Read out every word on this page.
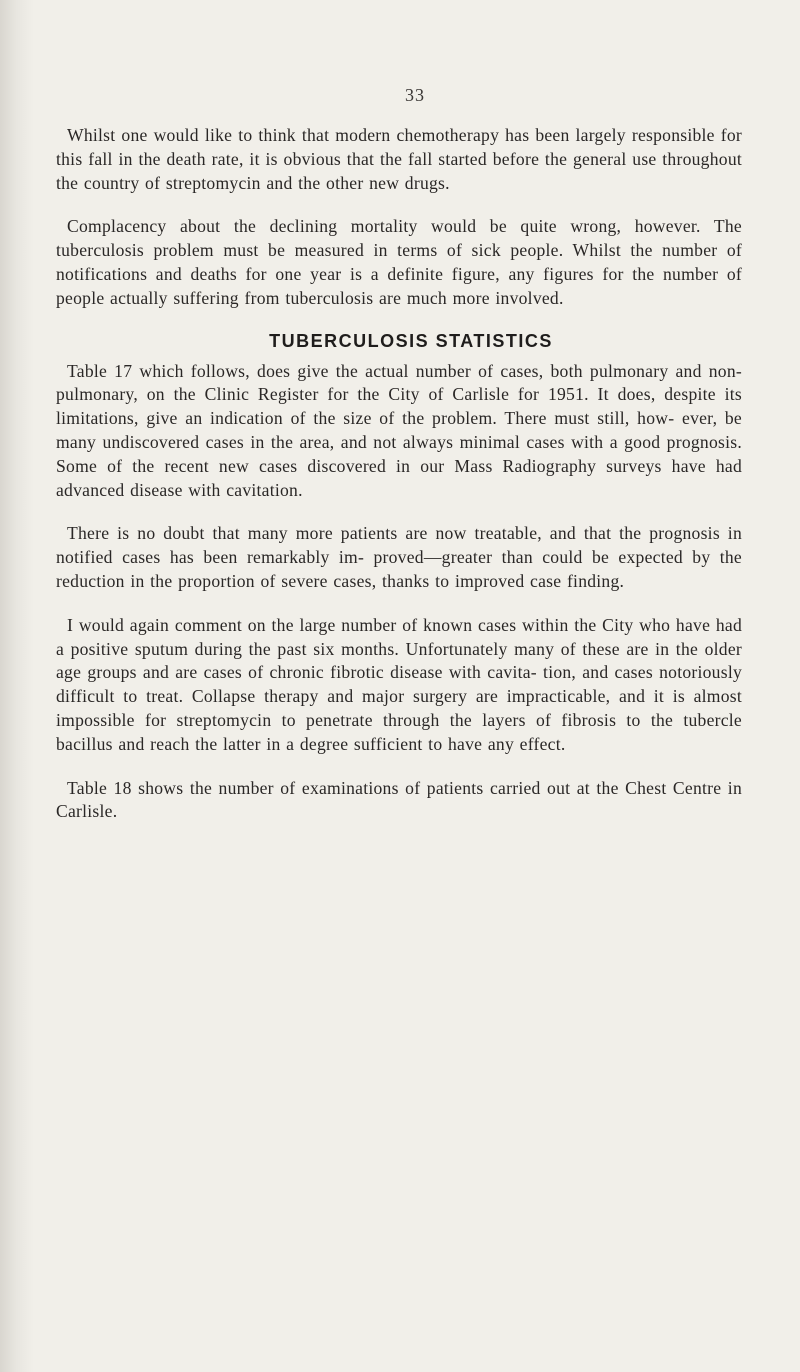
33

Whilst one would like to think that modern chemotherapy has been largely responsible for this fall in the death rate, it is obvious that the fall started before the general use throughout the country of streptomycin and the other new drugs.

Complacency about the declining mortality would be quite wrong, however. The tuberculosis problem must be measured in terms of sick people. Whilst the number of notifications and deaths for one year is a definite figure, any figures for the number of people actually suffering from tuberculosis are much more involved.

TUBERCULOSIS STATISTICS

Table 17 which follows, does give the actual number of cases, both pulmonary and non-pulmonary, on the Clinic Register for the City of Carlisle for 1951. It does, despite its limitations, give an indication of the size of the problem. There must still, how- ever, be many undiscovered cases in the area, and not always minimal cases with a good prognosis. Some of the recent new cases discovered in our Mass Radiography surveys have had advanced disease with cavitation.

There is no doubt that many more patients are now treatable, and that the prognosis in notified cases has been remarkably im- proved—greater than could be expected by the reduction in the proportion of severe cases, thanks to improved case finding.

I would again comment on the large number of known cases within the City who have had a positive sputum during the past six months. Unfortunately many of these are in the older age groups and are cases of chronic fibrotic disease with cavita- tion, and cases notoriously difficult to treat. Collapse therapy and major surgery are impracticable, and it is almost impossible for streptomycin to penetrate through the layers of fibrosis to the tubercle bacillus and reach the latter in a degree sufficient to have any effect.

Table 18 shows the number of examinations of patients carried out at the Chest Centre in Carlisle.
